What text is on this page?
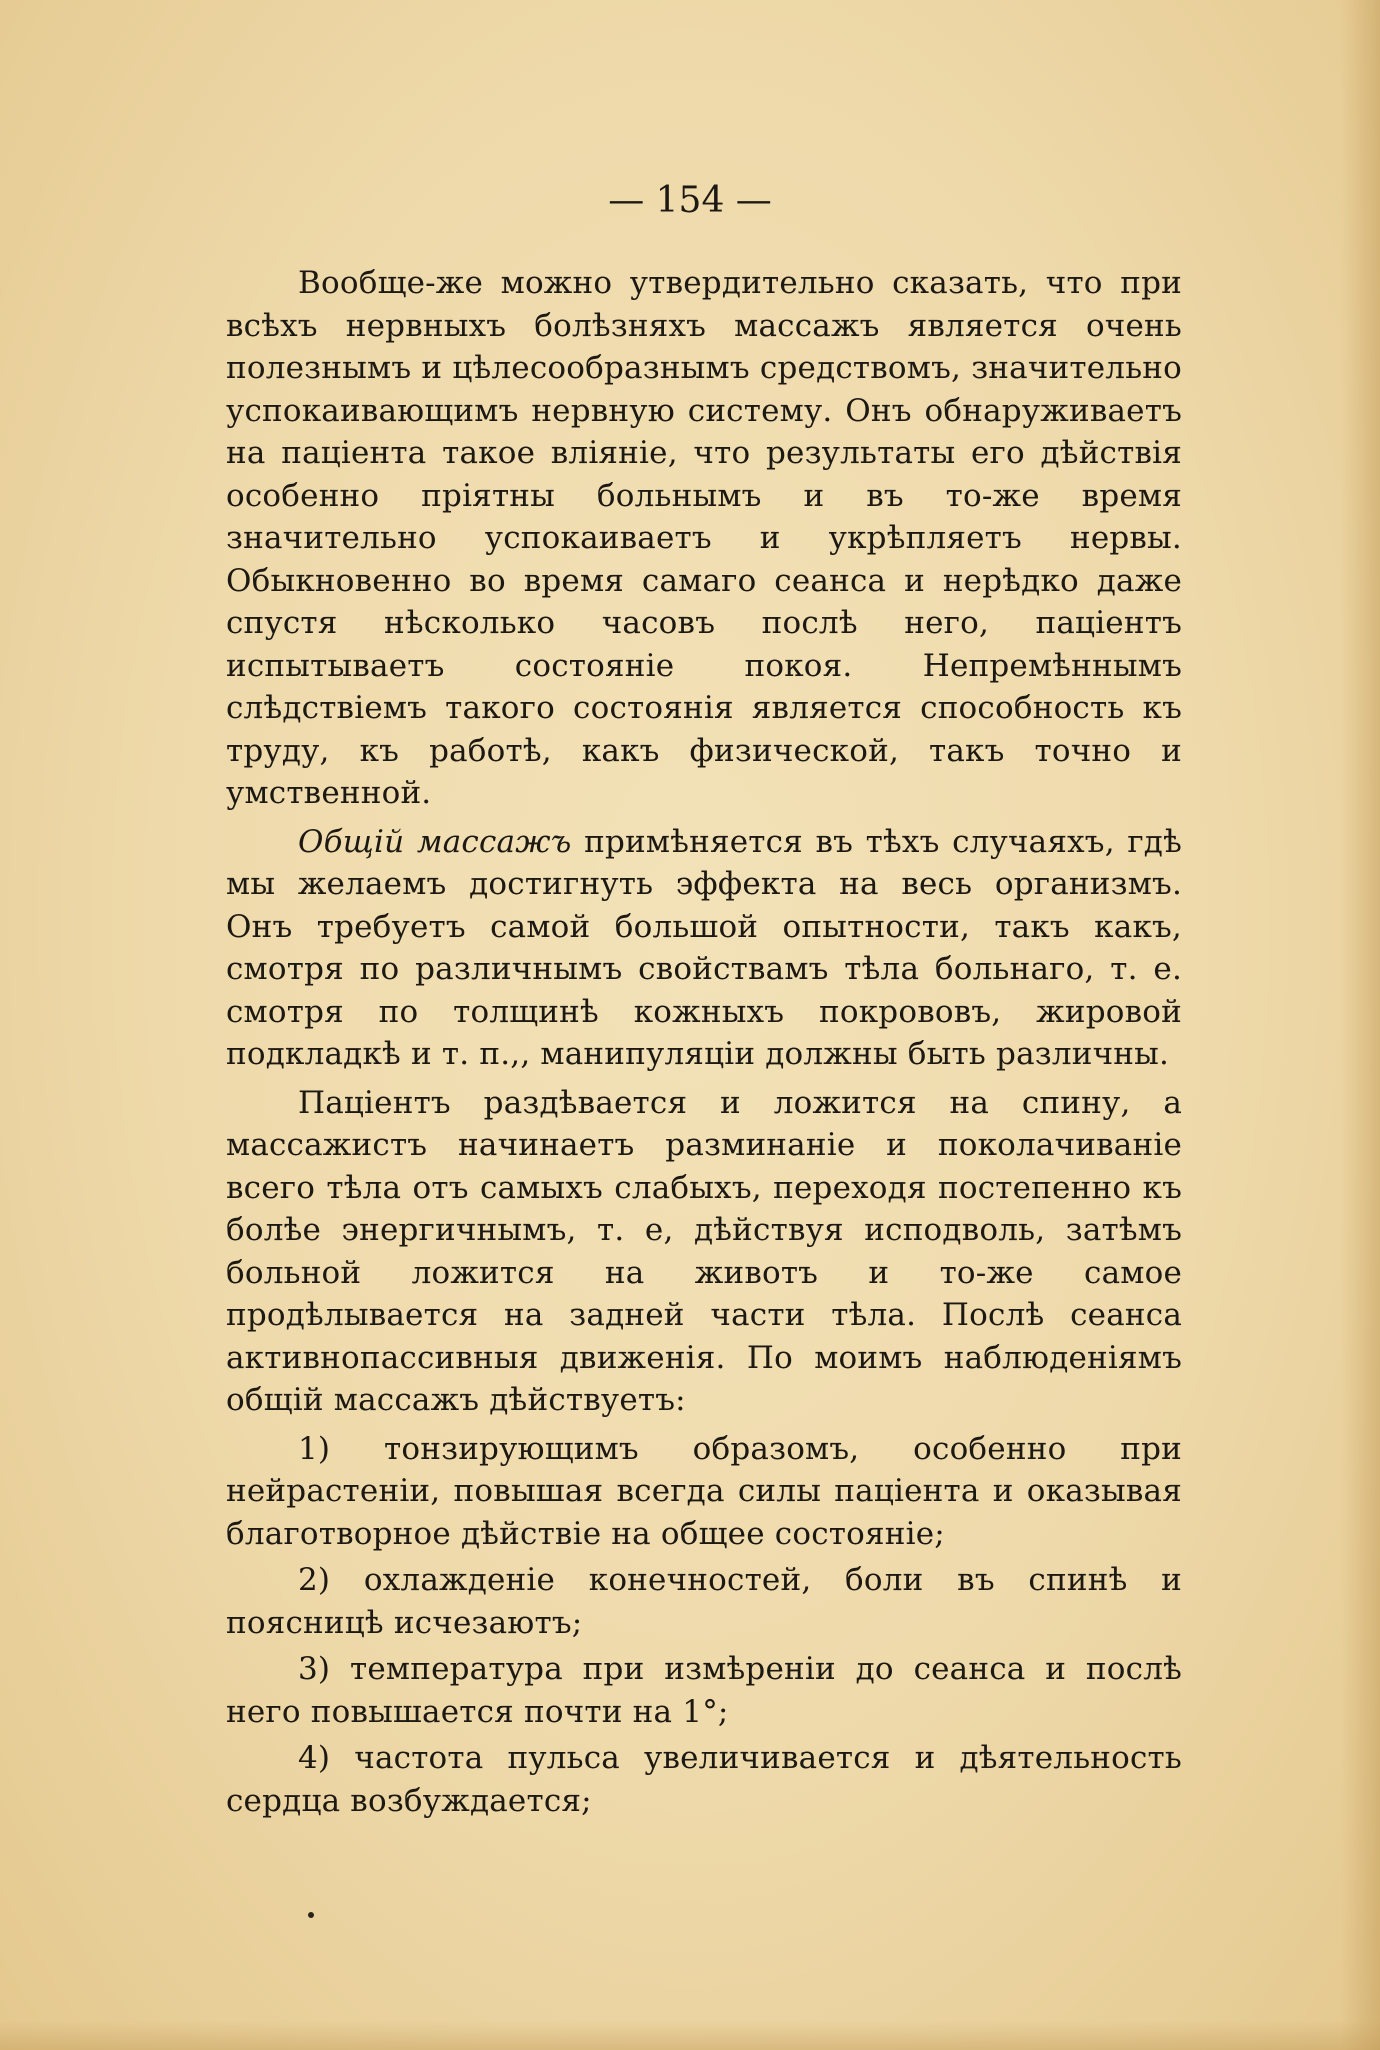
— 154 —

Вообще-же можно утвердительно сказать, что при всѣхъ нервныхъ болѣзняхъ массажъ является очень полезнымъ и цѣлесообразнымъ средствомъ, значительно успокаивающимъ нервную систему. Онъ обнаруживаетъ на паціента такое вліяніе, что результаты его дѣйствія особенно пріятны больнымъ и въ то-же время значительно успокаиваетъ и укрѣпляетъ нервы. Обыкновенно во время самаго сеанса и нерѣдко даже спустя нѣсколько часовъ послѣ него, паціентъ испытываетъ состояніе покоя. Непремѣннымъ слѣдствіемъ такого состоянія является способность къ труду, къ работѣ, какъ физической, такъ точно и умственной.

Общій массажъ примѣняется въ тѣхъ случаяхъ, гдѣ мы желаемъ достигнуть эффекта на весь организмъ. Онъ требуетъ самой большой опытности, такъ какъ, смотря по различнымъ свойствамъ тѣла больнаго, т. е. смотря по толщинѣ кожныхъ покрововъ, жировой подкладкѣ и т. п.,, манипуляціи должны быть различны.

Паціентъ раздѣвается и ложится на спину, а массажистъ начинаетъ разминаніе и поколачиваніе всего тѣла отъ самыхъ слабыхъ, переходя постепенно къ болѣе энергичнымъ, т. е, дѣйствуя исподволь, затѣмъ больной ложится на животъ и то-же самое продѣлывается на задней части тѣла. Послѣ сеанса активнопассивныя движенія. По моимъ наблюденіямъ общій массажъ дѣйствуетъ:

1) тонзирующимъ образомъ, особенно при нейрастеніи, повышая всегда силы паціента и оказывая благотворное дѣйствіе на общее состояніе;

2) охлажденіе конечностей, боли въ спинѣ и поясницѣ исчезаютъ;

3) температура при измѣреніи до сеанса и послѣ него повышается почти на 1°;

4) частота пульса увеличивается и дѣятельность сердца возбуждается;
